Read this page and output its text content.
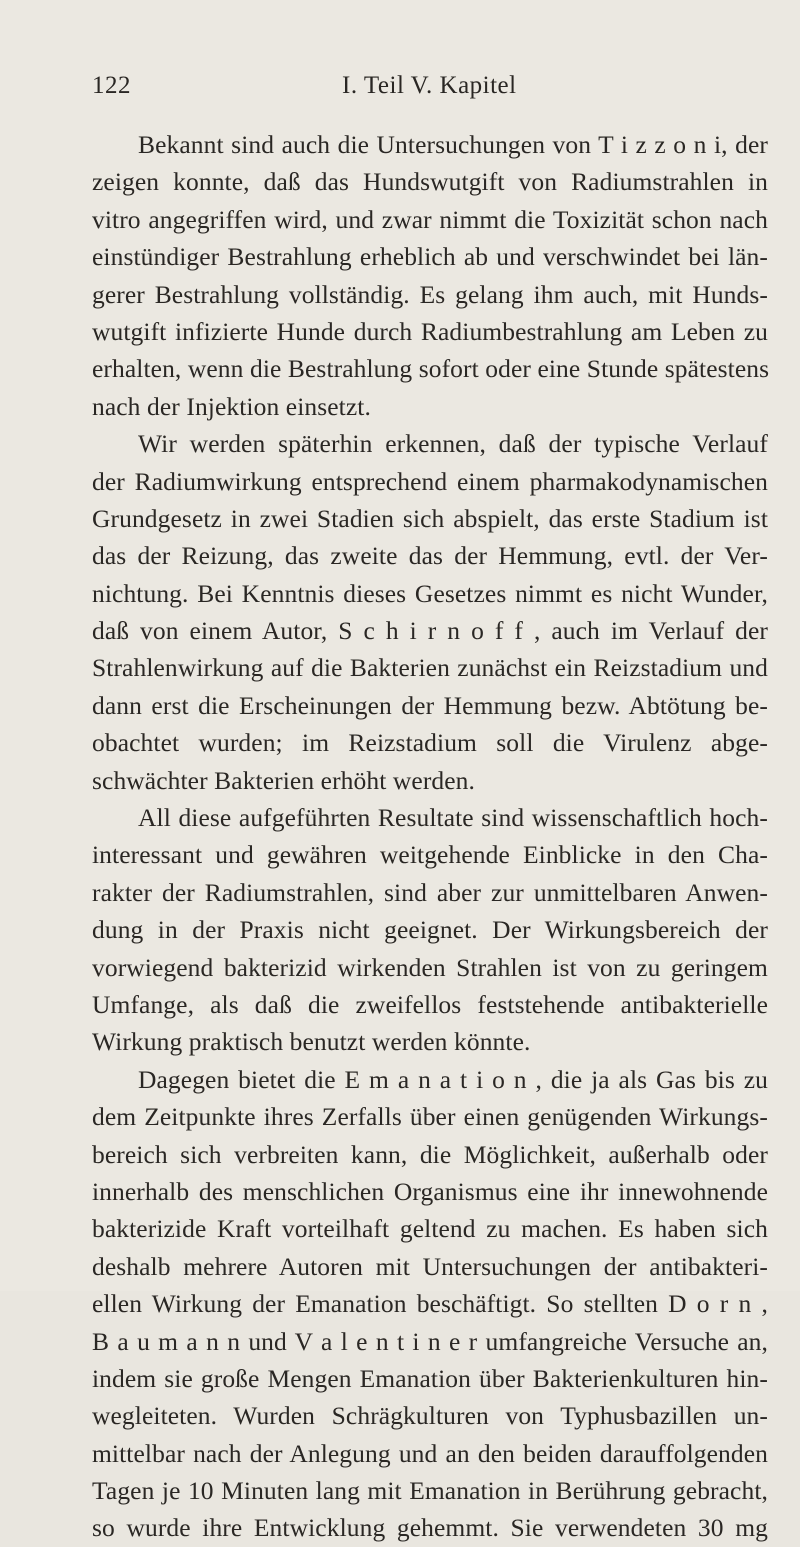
122	I. Teil V. Kapitel
Bekannt sind auch die Untersuchungen von T i z z o n i, der
zeigen konnte, daß das Hundswutgift von Radiumstrahlen in
vitro angegriffen wird, und zwar nimmt die Toxizität schon nach
einstündiger Bestrahlung erheblich ab und verschwindet bei län-
gerer Bestrahlung vollständig. Es gelang ihm auch, mit Hunds-
wutgift infizierte Hunde durch Radiumbestrahlung am Leben zu
erhalten, wenn die Bestrahlung sofort oder eine Stunde spätestens
nach der Injektion einsetzt.
Wir werden späterhin erkennen, daß der typische Verlauf
der Radiumwirkung entsprechend einem pharmakodynamischen
Grundgesetz in zwei Stadien sich abspielt, das erste Stadium ist
das der Reizung, das zweite das der Hemmung, evtl. der Ver-
nichtung. Bei Kenntnis dieses Gesetzes nimmt es nicht Wunder,
daß von einem Autor, S c h i r n o f f , auch im Verlauf der
Strahlenwirkung auf die Bakterien zunächst ein Reizstadium und
dann erst die Erscheinungen der Hemmung bezw. Abtötung be-
obachtet wurden; im Reizstadium soll die Virulenz abge-
schwächter Bakterien erhöht werden.
All diese aufgeführten Resultate sind wissenschaftlich hoch-
interessant und gewähren weitgehende Einblicke in den Cha-
rakter der Radiumstrahlen, sind aber zur unmittelbaren Anwen-
dung in der Praxis nicht geeignet. Der Wirkungsbereich der
vorwiegend bakterizid wirkenden Strahlen ist von zu geringem
Umfange, als daß die zweifellos feststehende antibakterielle
Wirkung praktisch benutzt werden könnte.
Dagegen bietet die E m a n a t i o n , die ja als Gas bis zu
dem Zeitpunkte ihres Zerfalls über einen genügenden Wirkungs-
bereich sich verbreiten kann, die Möglichkeit, außerhalb oder
innerhalb des menschlichen Organismus eine ihr innewohnende
bakterizide Kraft vorteilhaft geltend zu machen. Es haben sich
deshalb mehrere Autoren mit Untersuchungen der antibakteri-
ellen Wirkung der Emanation beschäftigt. So stellten D o r n ,
B a u m a n n und V a l e n t i n e r umfangreiche Versuche an,
indem sie große Mengen Emanation über Bakterienkulturen hin-
wegleiteten. Wurden Schrägkulturen von Typhusbazillen un-
mittelbar nach der Anlegung und an den beiden darauffolgenden
Tagen je 10 Minuten lang mit Emanation in Berührung gebracht,
so wurde ihre Entwicklung gehemmt. Sie verwendeten 30 mg
